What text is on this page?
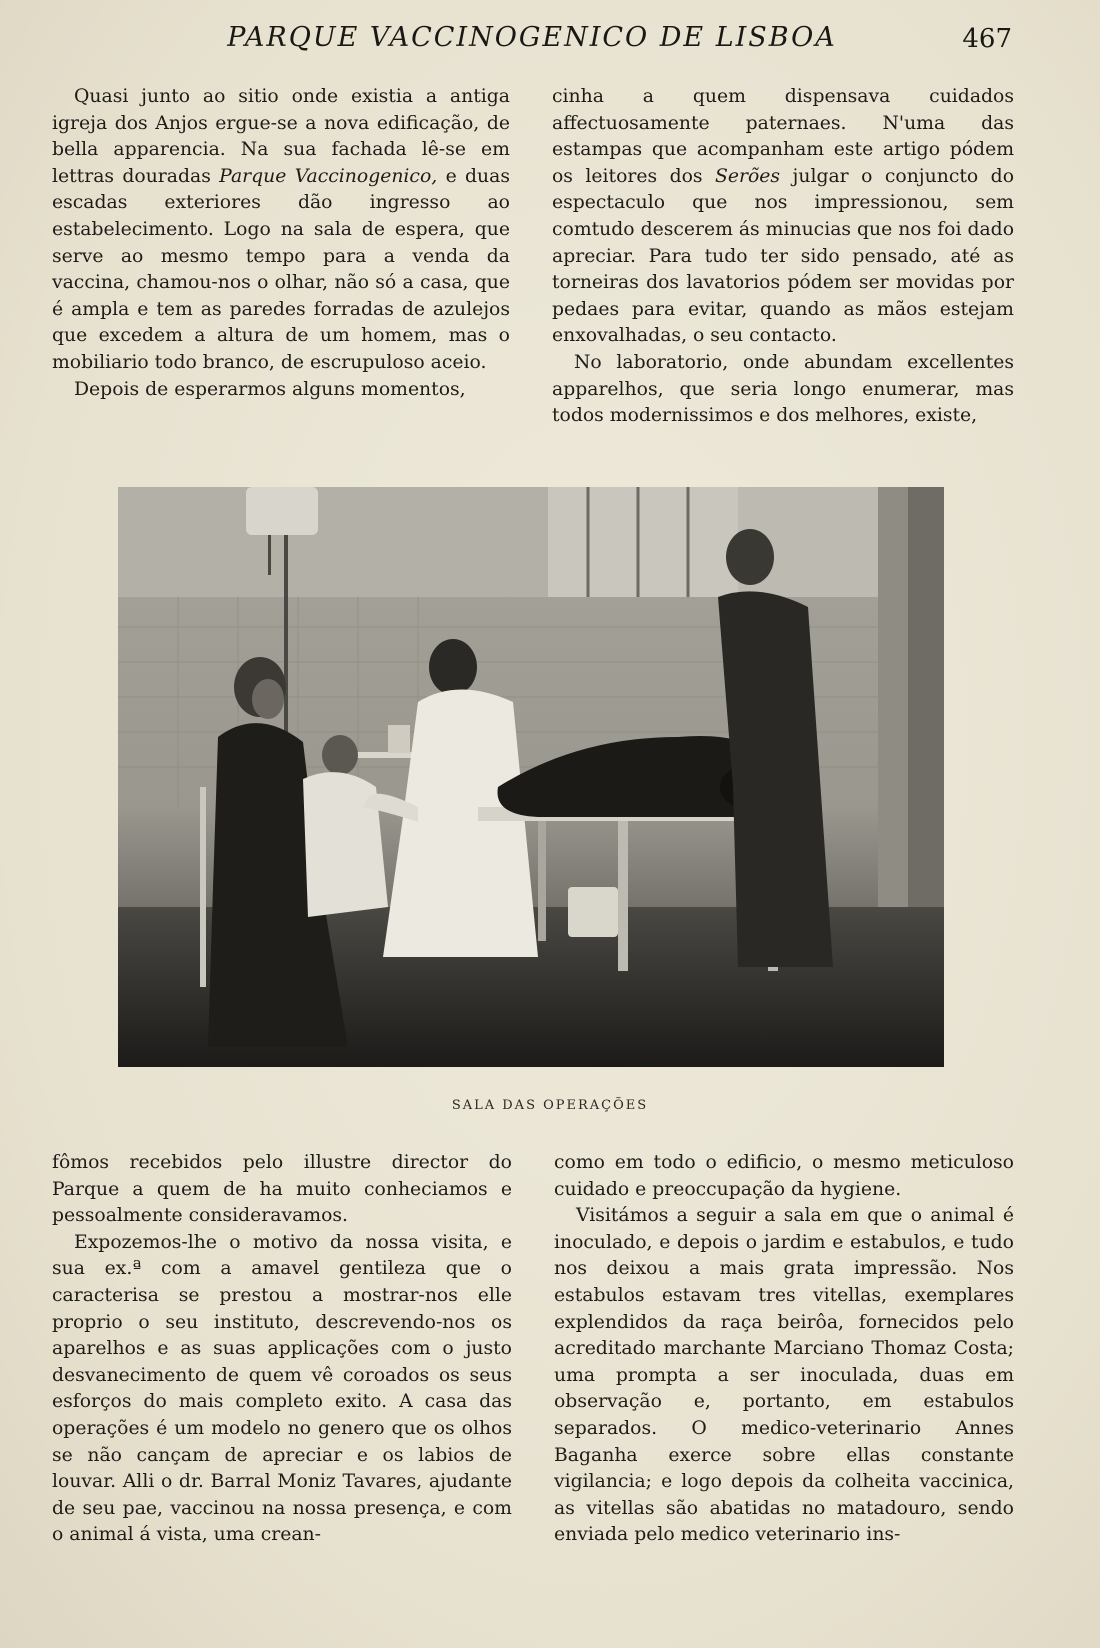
PARQUE VACCINOGENICO DE LISBOA	467

Quasi junto ao sitio onde existia a antiga igreja dos Anjos ergue-se a nova edificação, de bella apparencia. Na sua fachada lê-se em lettras douradas Parque Vaccinogenico, e duas escadas exteriores dão ingresso ao estabelecimento. Logo na sala de espera, que serve ao mesmo tempo para a venda da vaccina, chamou-nos o olhar, não só a casa, que é ampla e tem as paredes forradas de azulejos que excedem a altura de um homem, mas o mobiliario todo branco, de escrupuloso aceio.

Depois de esperarmos alguns momentos,

cinha a quem dispensava cuidados affectuosamente paternaes. N'uma das estampas que acompanham este artigo pódem os leitores dos Serões julgar o conjuncto do espectaculo que nos impressionou, sem comtudo descerem ás minucias que nos foi dado apreciar. Para tudo ter sido pensado, até as torneiras dos lavatorios pódem ser movidas por pedaes para evitar, quando as mãos estejam enxovalhadas, o seu contacto.

No laboratorio, onde abundam excellentes apparelhos, que seria longo enumerar, mas todos modernissimos e dos melhores, existe,

SALA DAS OPERAÇÕES

fômos recebidos pelo illustre director do Parque a quem de ha muito conheciamos e pessoalmente consideravamos.

Expozemos-lhe o motivo da nossa visita, e sua ex.ª com a amavel gentileza que o caracterisa se prestou a mostrar-nos elle proprio o seu instituto, descrevendo-nos os aparelhos e as suas applicações com o justo desvanecimento de quem vê coroados os seus esforços do mais completo exito. A casa das operações é um modelo no genero que os olhos se não cançam de apreciar e os labios de louvar. Alli o dr. Barral Moniz Tavares, ajudante de seu pae, vaccinou na nossa presença, e com o animal á vista, uma crean-

como em todo o edificio, o mesmo meticuloso cuidado e preoccupação da hygiene.

Visitámos a seguir a sala em que o animal é inoculado, e depois o jardim e estabulos, e tudo nos deixou a mais grata impressão. Nos estabulos estavam tres vitellas, exemplares explendidos da raça beirôa, fornecidos pelo acreditado marchante Marciano Thomaz Costa; uma prompta a ser inoculada, duas em observação e, portanto, em estabulos separados. O medico-veterinario Annes Baganha exerce sobre ellas constante vigilancia; e logo depois da colheita vaccinica, as vitellas são abatidas no matadouro, sendo enviada pelo medico veterinario ins-
